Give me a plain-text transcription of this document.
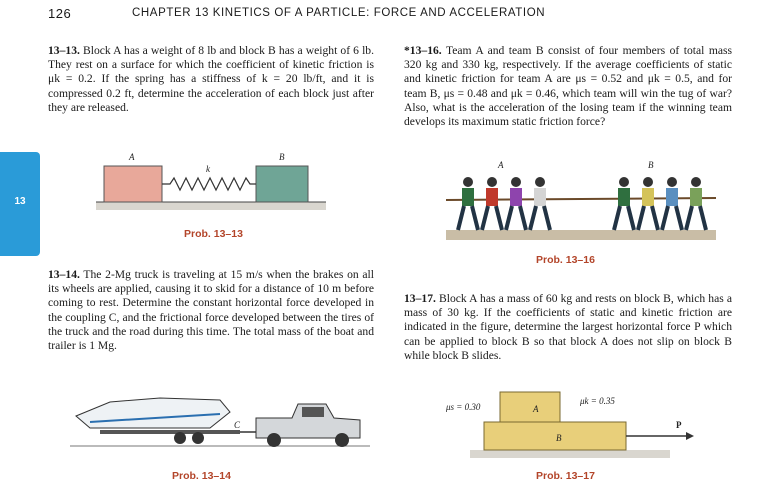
126	CHAPTER 13 KINETICS OF A PARTICLE: FORCE AND ACCELERATION
13
13–13. Block A has a weight of 8 lb and block B has a weight of 6 lb. They rest on a surface for which the coefficient of kinetic friction is μk = 0.2. If the spring has a stiffness of k = 20 lb/ft, and it is compressed 0.2 ft, determine the acceleration of each block just after they are released.
A
k
B
Prob. 13–13
13–14. The 2-Mg truck is traveling at 15 m/s when the brakes on all its wheels are applied, causing it to skid for a distance of 10 m before coming to rest. Determine the constant horizontal force developed in the coupling C, and the frictional force developed between the tires of the truck and the road during this time. The total mass of the boat and trailer is 1 Mg.
C
Prob. 13–14
*13–16. Team A and team B consist of four members of total mass 320 kg and 330 kg, respectively. If the average coefficients of static and kinetic friction for team A are μs = 0.52 and μk = 0.5, and for team B, μs = 0.48 and μk = 0.46, which team will win the tug of war? Also, what is the acceleration of the losing team if the winning team develops its maximum static friction force?
A	B
Prob. 13–16
13–17. Block A has a mass of 60 kg and rests on block B, which has a mass of 30 kg. If the coefficients of static and kinetic friction are indicated in the figure, determine the largest horizontal force P which can be applied to block B so that block A does not slip on block B while block B slides.
A
B
μs = 0.30
μk = 0.35
P
Prob. 13–17
